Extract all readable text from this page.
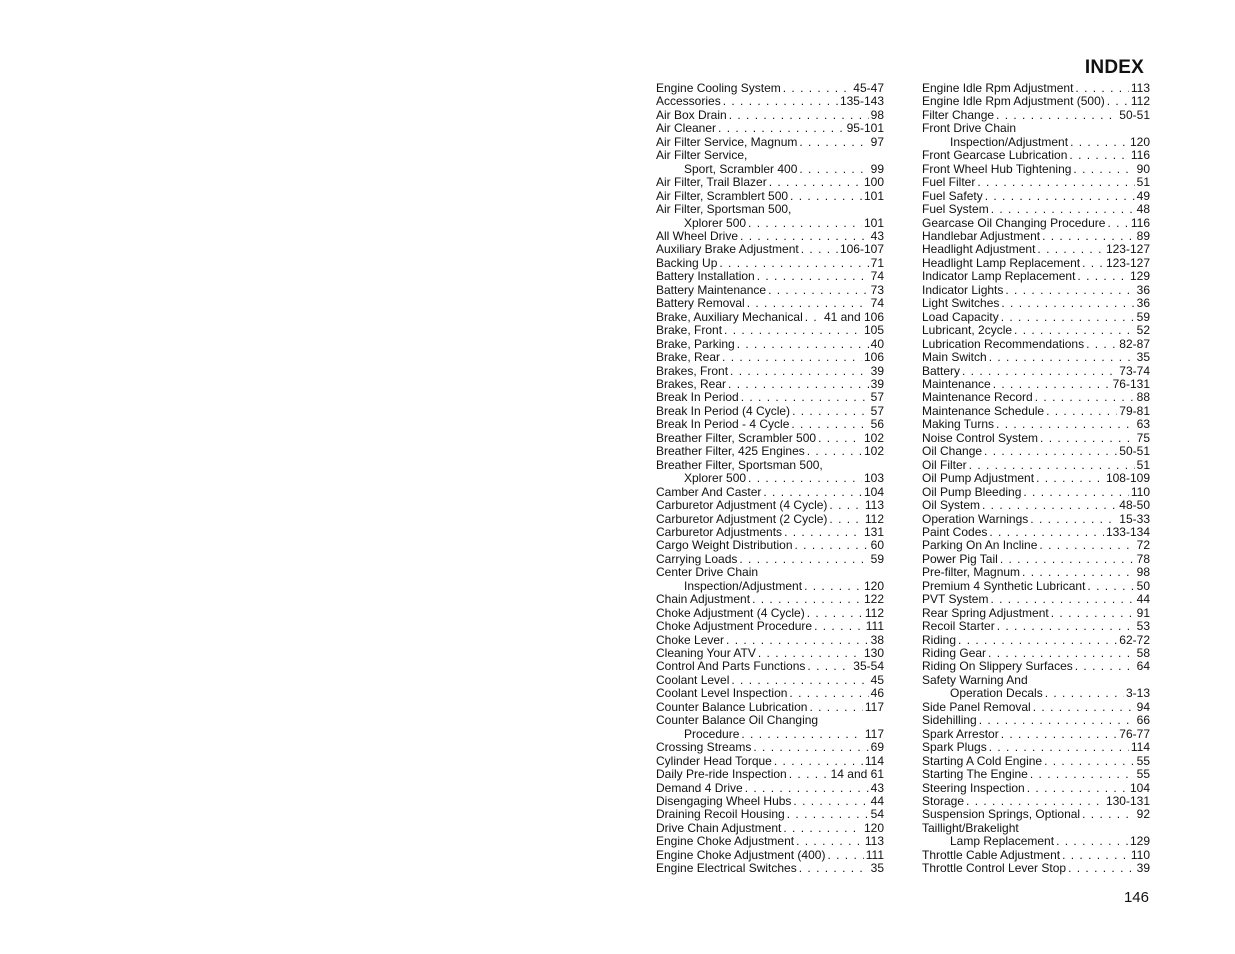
INDEX
Engine Cooling System . . .	45-47
Accessories . . .	135-143
Air Box Drain . . .	98
Air Cleaner . . .	95-101
Air Filter Service, Magnum . . .	97
Air Filter Service,
Sport, Scrambler 400 . . .	99
Air Filter, Trail Blazer . . .	100
Air Filter, Scramblert 500 . . .	101
Air Filter, Sportsman 500,
Xplorer 500 . . .	101
All Wheel Drive . . .	43
Auxiliary Brake Adjustment . . .	106-107
Backing Up . . .	71
Battery Installation . . .	74
Battery Maintenance . . .	73
Battery Removal . . .	74
Brake, Auxiliary Mechanical . . . 41 and 106
Brake, Front . . .	105
Brake, Parking . . .	40
Brake, Rear . . .	106
Brakes, Front . . .	39
Brakes, Rear . . .	39
Break In Period . . .	57
Break In Period (4 Cycle) . . .	57
Break In Period - 4 Cycle . . .	56
Breather Filter, Scrambler 500 . . .	102
Breather Filter, 425 Engines . . .	102
Breather Filter, Sportsman 500,
Xplorer 500 . . .	103
Camber And Caster . . .	104
Carburetor Adjustment (4 Cycle) . . .	113
Carburetor Adjustment (2 Cycle) . . .	112
Carburetor Adjustments . . .	131
Cargo Weight Distribution . . .	60
Carrying Loads . . .	59
Center Drive Chain
Inspection/Adjustment . . .	120
Chain Adjustment . . .	122
Choke Adjustment (4 Cycle) . . .	112
Choke Adjustment Procedure . . .	111
Choke Lever . . .	38
Cleaning Your ATV . . .	130
Control And Parts Functions . . .	35-54
Coolant Level . . .	45
Coolant Level Inspection . . .	46
Counter Balance Lubrication . . .	117
Counter Balance Oil Changing
Procedure . . .	117
Crossing Streams . . .	69
Cylinder Head Torque . . .	114
Daily Pre-ride Inspection . . .	14 and 61
Demand 4 Drive . . .	43
Disengaging Wheel Hubs . . .	44
Draining Recoil Housing . . .	54
Drive Chain Adjustment . . .	120
Engine Choke Adjustment . . .	113
Engine Choke Adjustment (400) . . .	111
Engine Electrical Switches . . .	35
Engine Idle Rpm Adjustment . . .	113
Engine Idle Rpm Adjustment (500) . . . 112
Filter Change . . .	50-51
Front Drive Chain
Inspection/Adjustment . . .	120
Front Gearcase Lubrication . . .	116
Front Wheel Hub Tightening . . .	90
Fuel Filter . . .	51
Fuel Safety . . .	49
Fuel System . . .	48
Gearcase Oil Changing Procedure . . . 116
Handlebar Adjustment . . .	89
Headlight Adjustment . . .	123-127
Headlight Lamp Replacement . . . 123-127
Indicator Lamp Replacement . . .	129
Indicator Lights . . .	36
Light Switches . . .	36
Load Capacity . . .	59
Lubricant, 2cycle . . .	52
Lubrication Recommendations . . .	82-87
Main Switch . . .	35
Battery . . .	73-74
Maintenance . . .	76-131
Maintenance Record . . .	88
Maintenance Schedule . . .	79-81
Making Turns . . .	63
Noise Control System . . .	75
Oil Change . . .	50-51
Oil Filter . . .	51
Oil Pump Adjustment . . .	108-109
Oil Pump Bleeding . . .	110
Oil System . . .	48-50
Operation Warnings . . .	15-33
Paint Codes . . .	133-134
Parking On An Incline . . .	72
Power Pig Tail . . .	78
Pre-filter, Magnum . . .	98
Premium 4 Synthetic Lubricant . . .	50
PVT System . . .	44
Rear Spring Adjustment . . .	91
Recoil Starter . . .	53
Riding . . .	62-72
Riding Gear . . .	58
Riding On Slippery Surfaces . . .	64
Safety Warning And
Operation Decals . . .	3-13
Side Panel Removal . . .	94
Sidehilling . . .	66
Spark Arrestor . . .	76-77
Spark Plugs . . .	114
Starting A Cold Engine . . .	55
Starting The Engine . . .	55
Steering Inspection . . .	104
Storage . . .	130-131
Suspension Springs, Optional . . .	92
Taillight/Brakelight
Lamp Replacement . . .	129
Throttle Cable Adjustment . . .	110
Throttle Control Lever Stop . . .	39
146
